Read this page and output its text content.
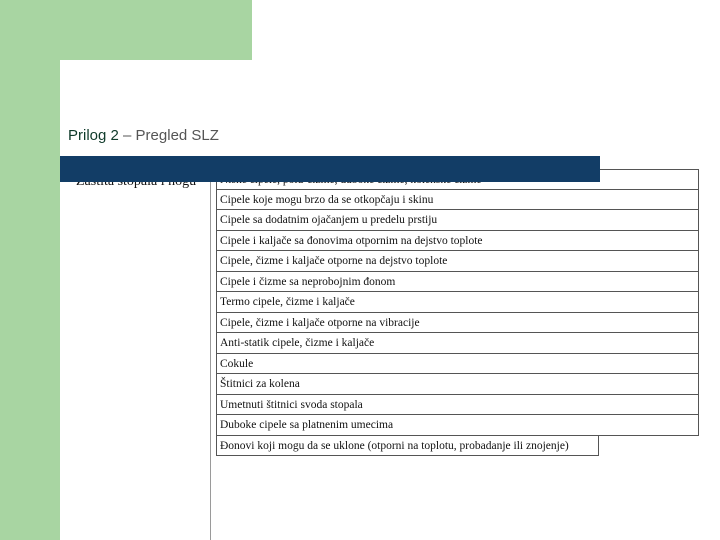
Prilog 2 – Pregled SLZ
Cipele koje mogu brzo da se otkopčaju i skinu
Cipele sa dodatnim ojačanjem u predelu prstiju
Cipele i kaljače sa đonovima otpornim na dejstvo toplote
Cipele, čizme i kaljače otporne na dejstvo toplote
Cipele i čizme sa neprobojnim đonom
Termo cipele, čizme i kaljače
Cipele, čizme i kaljače otporne na vibracije
Anti-statik cipele, čizme i kaljače
Cokule
Štitnici za kolena
Umetnuti štitnici svoda stopala
Duboke cipele sa platnenim umecima
Đonovi koji mogu da se uklone (otporni na toplotu, probadanje ili znojenje)
